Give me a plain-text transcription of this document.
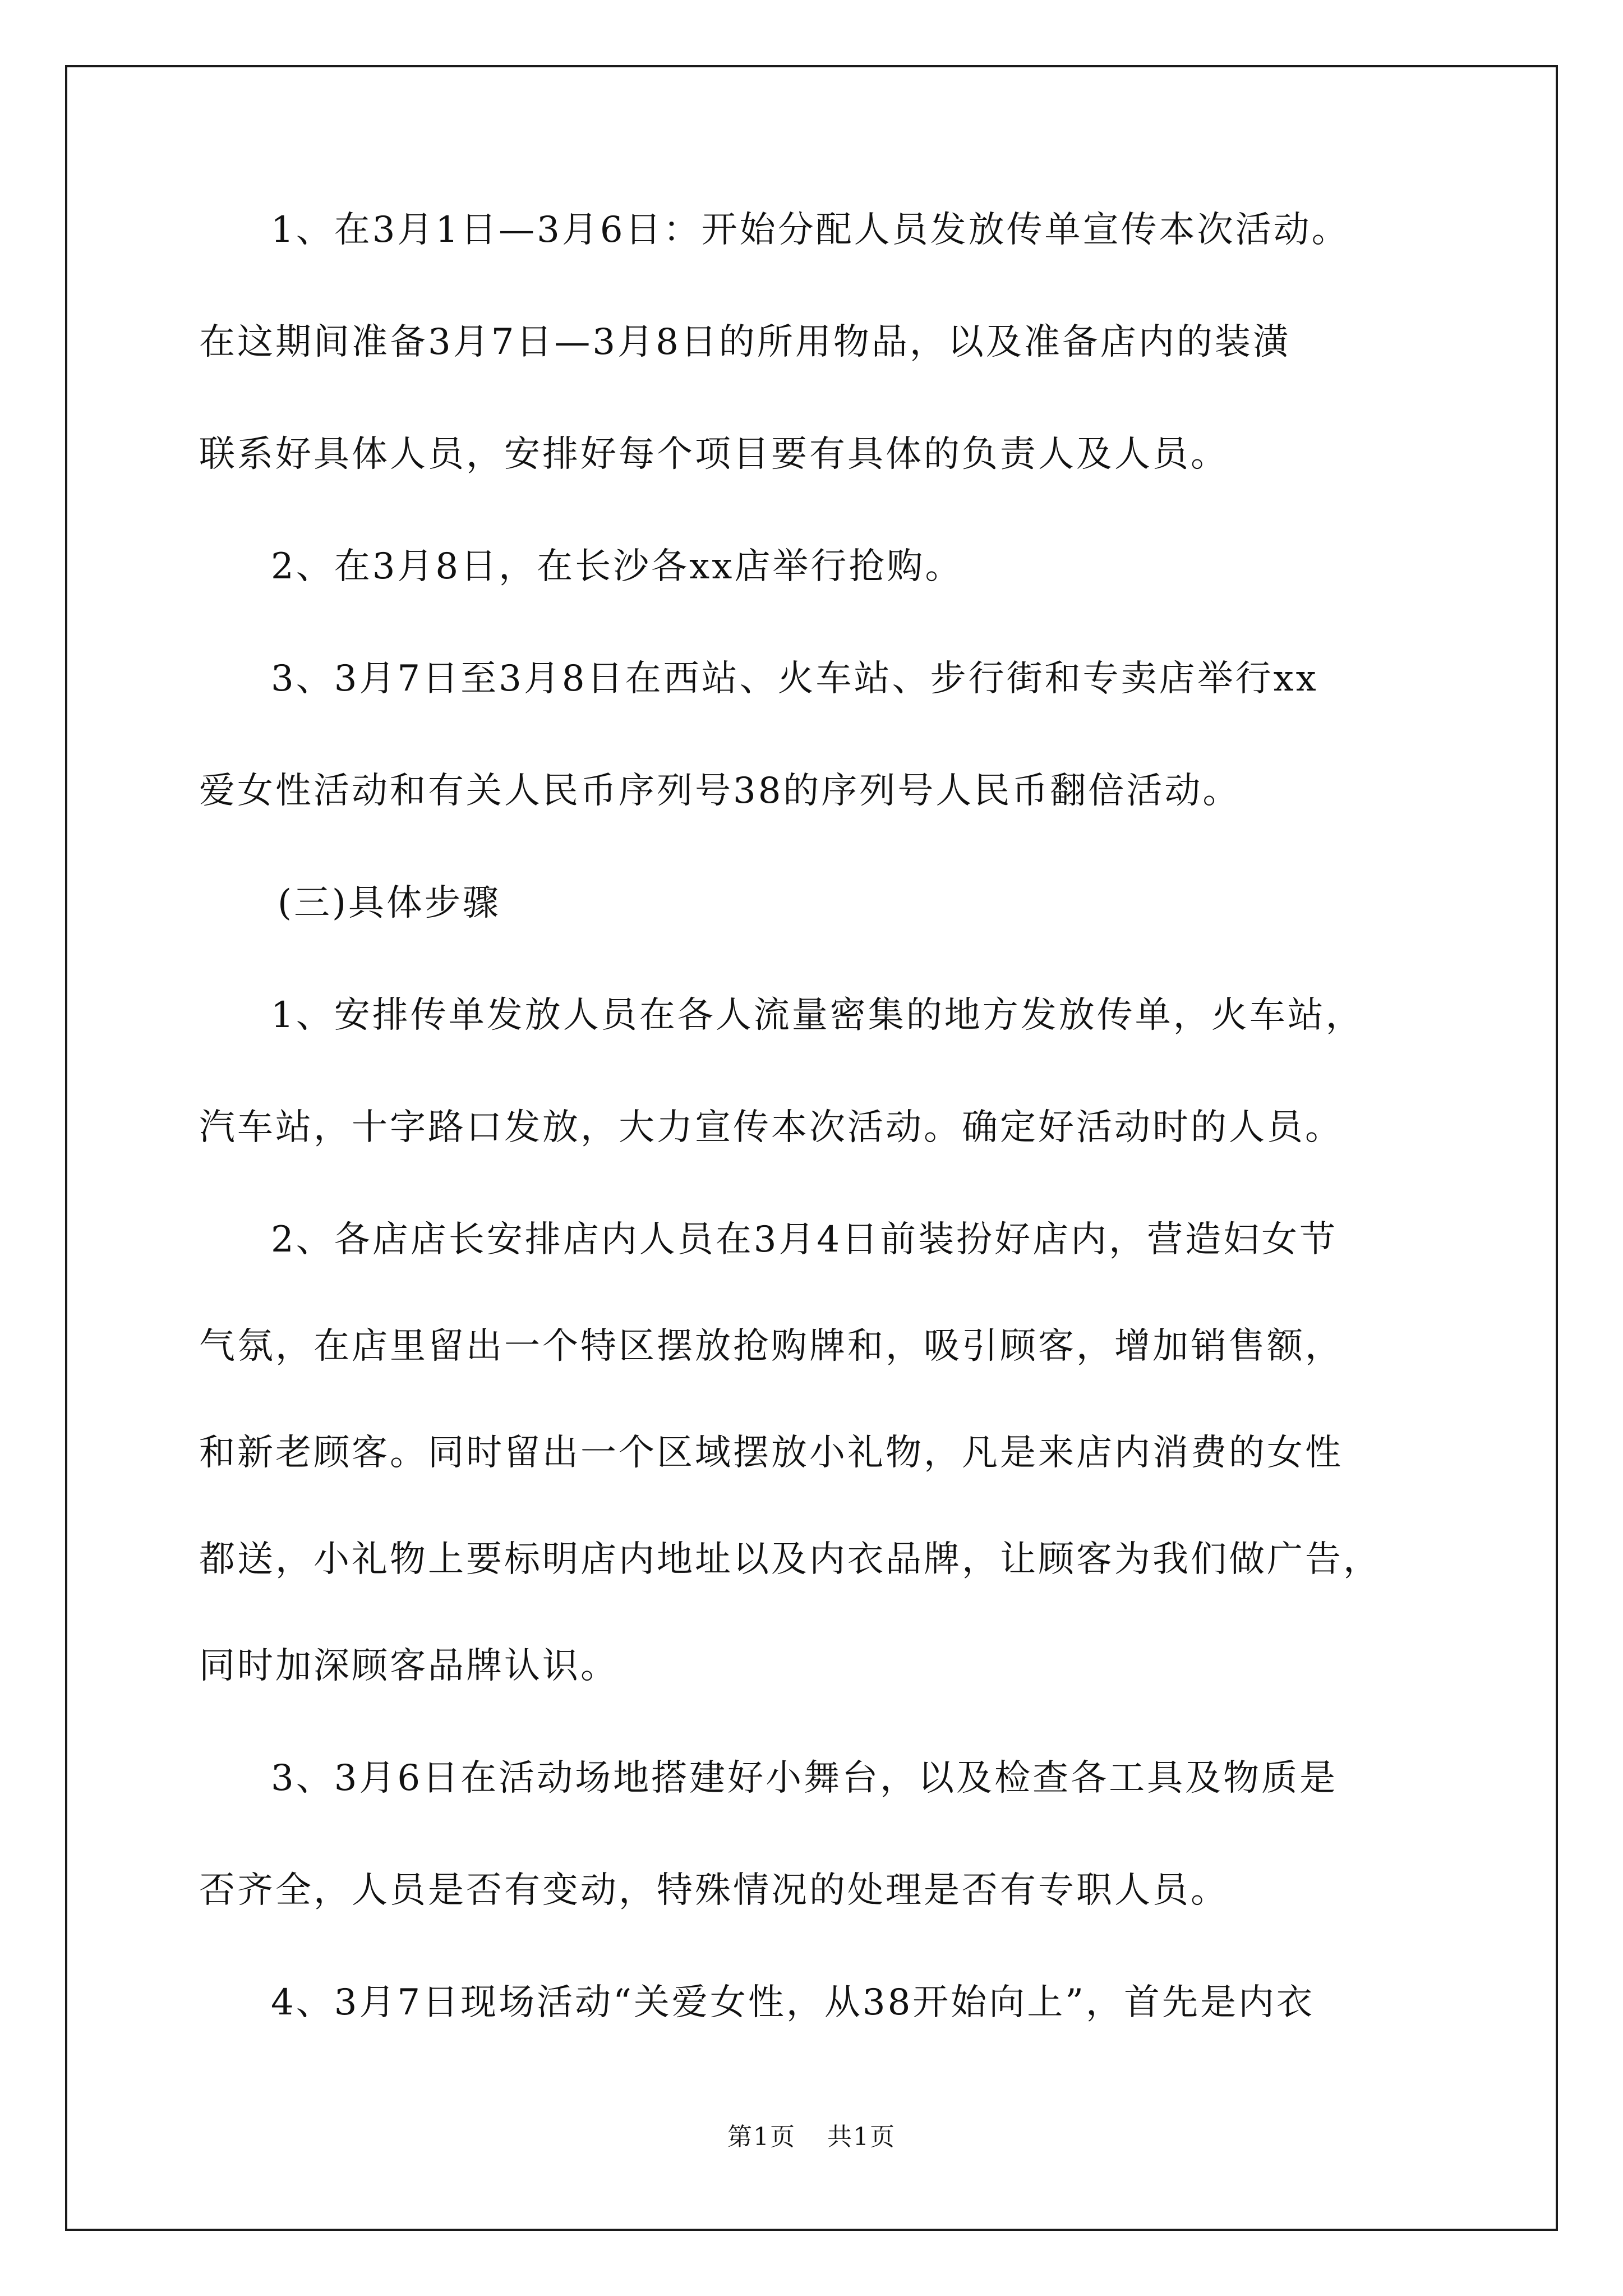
1、在3月1日—3月6日：开始分配人员发放传单宣传本次活动。
在这期间准备3月7日—3月8日的所用物品，以及准备店内的装潢
联系好具体人员，安排好每个项目要有具体的负责人及人员。
2、在3月8日，在长沙各xx店举行抢购。
3、3月7日至3月8日在西站、火车站、步行街和专卖店举行xx
爱女性活动和有关人民币序列号38的序列号人民币翻倍活动。
(三)具体步骤
1、安排传单发放人员在各人流量密集的地方发放传单，火车站，
汽车站，十字路口发放，大力宣传本次活动。确定好活动时的人员。
2、各店店长安排店内人员在3月4日前装扮好店内，营造妇女节
气氛，在店里留出一个特区摆放抢购牌和，吸引顾客，增加销售额，
和新老顾客。同时留出一个区域摆放小礼物，凡是来店内消费的女性
都送，小礼物上要标明店内地址以及内衣品牌，让顾客为我们做广告，
同时加深顾客品牌认识。
3、3月6日在活动场地搭建好小舞台，以及检查各工具及物质是
否齐全，人员是否有变动，特殊情况的处理是否有专职人员。
4、3月7日现场活动“关爱女性，从38开始向上”，首先是内衣
第1页 共1页
